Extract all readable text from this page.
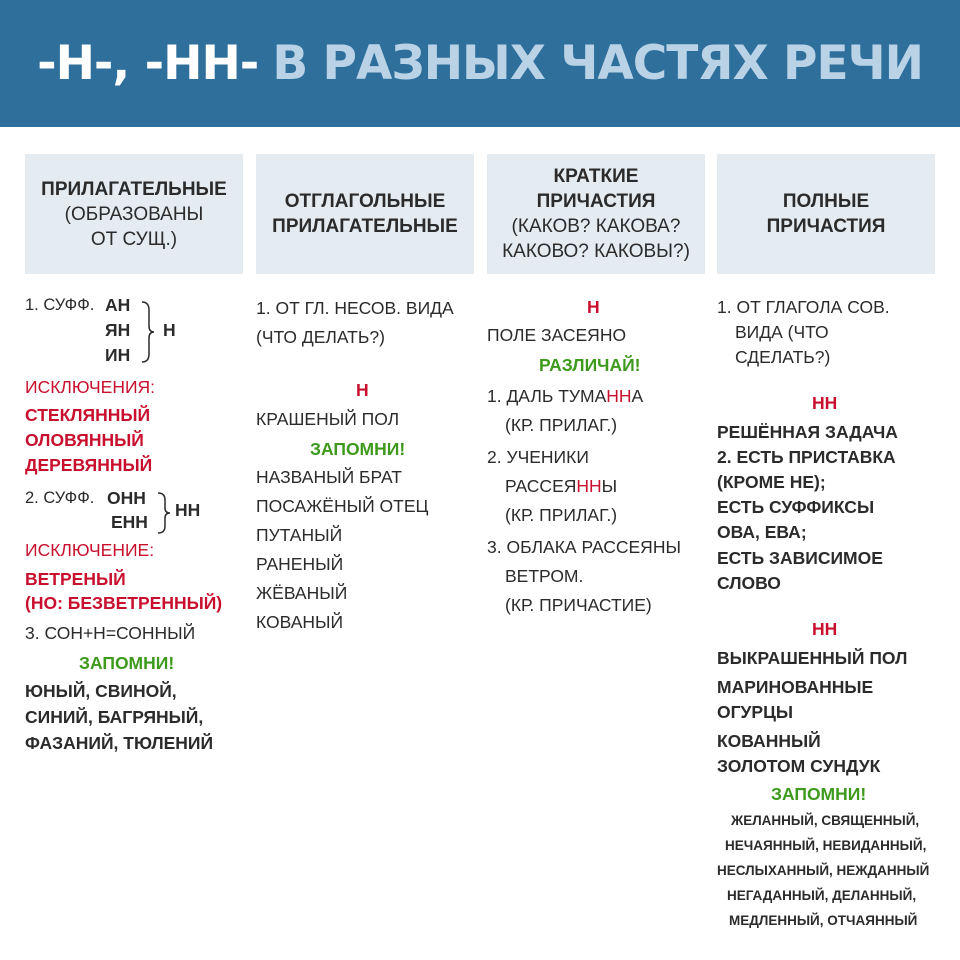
-Н-, -НН- В РАЗНЫХ ЧАСТЯХ РЕЧИ
ПРИЛАГАТЕЛЬНЫЕ
(ОБРАЗОВАНЫ
ОТ СУЩ.)
1. СУФФ. АН
ЯН
ИН
Н
ИСКЛЮЧЕНИЯ:
СТЕКЛЯННЫЙ
ОЛОВЯННЫЙ
ДЕРЕВЯННЫЙ
2. СУФФ. ОНН
ЕНН
НН
ИСКЛЮЧЕНИЕ:
ВЕТРЕНЫЙ
(НО: БЕЗВЕТРЕННЫЙ)
3. СОН+Н=СОННЫЙ
ЗАПОМНИ!
ЮНЫЙ, СВИНОЙ,
СИНИЙ, БАГРЯНЫЙ,
ФАЗАНИЙ, ТЮЛЕНИЙ
ОТГЛАГОЛЬНЫЕ
ПРИЛАГАТЕЛЬНЫЕ
1. ОТ ГЛ. НЕСОВ. ВИДА
(ЧТО ДЕЛАТЬ?)
Н
КРАШЕНЫЙ ПОЛ
ЗАПОМНИ!
НАЗВАНЫЙ БРАТ
ПОСАЖЁНЫЙ ОТЕЦ
ПУТАНЫЙ
РАНЕНЫЙ
ЖЁВАНЫЙ
КОВАНЫЙ
КРАТКИЕ
ПРИЧАСТИЯ
(КАКОВ? КАКОВА?
КАКОВО? КАКОВЫ?)
Н
ПОЛЕ ЗАСЕЯНО
РАЗЛИЧАЙ!
1. ДАЛЬ ТУМАННА
(КР. ПРИЛАГ.)
2. УЧЕНИКИ
РАССЕЯННЫ
(КР. ПРИЛАГ.)
3. ОБЛАКА РАССЕЯНЫ
ВЕТРОМ.
(КР. ПРИЧАСТИЕ)
ПОЛНЫЕ
ПРИЧАСТИЯ
1. ОТ ГЛАГОЛА СОВ.
ВИДА (ЧТО
СДЕЛАТЬ?)
НН
РЕШЁННАЯ ЗАДАЧА
2. ЕСТЬ ПРИСТАВКА
(КРОМЕ НЕ);
ЕСТЬ СУФФИКСЫ
ОВА, ЕВА;
ЕСТЬ ЗАВИСИМОЕ
СЛОВО
НН
ВЫКРАШЕННЫЙ ПОЛ
МАРИНОВАННЫЕ
ОГУРЦЫ
КОВАННЫЙ
ЗОЛОТОМ СУНДУК
ЗАПОМНИ!
ЖЕЛАННЫЙ, СВЯЩЕННЫЙ,
НЕЧАЯННЫЙ, НЕВИДАННЫЙ,
НЕСЛЫХАННЫЙ, НЕЖДАННЫЙ
НЕГАДАННЫЙ, ДЕЛАННЫЙ,
МЕДЛЕННЫЙ, ОТЧАЯННЫЙ
